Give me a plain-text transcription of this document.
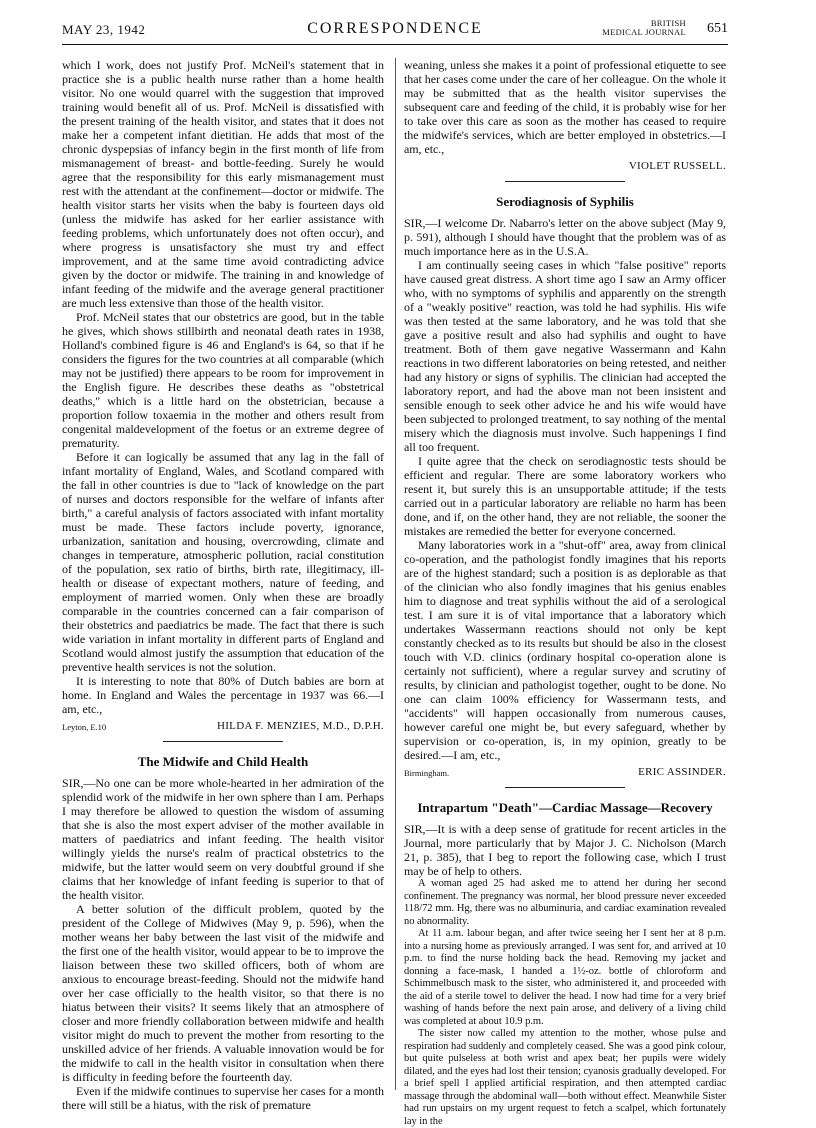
MAY 23, 1942	CORRESPONDENCE	BRITISH
MEDICAL JOURNAL 651

which I work, does not justify Prof. McNeil's statement that in practice she is a public health nurse rather than a home health visitor. No one would quarrel with the suggestion that improved training would benefit all of us. Prof. McNeil is dissatisfied with the present training of the health visitor, and states that it does not make her a competent infant dietitian. He adds that most of the chronic dyspepsias of infancy begin in the first month of life from mismanagement of breast- and bottle-feeding. Surely he would agree that the responsibility for this early mismanagement must rest with the attendant at the confinement—doctor or midwife. The health visitor starts her visits when the baby is fourteen days old (unless the midwife has asked for her earlier assistance with feeding problems, which unfortunately does not often occur), and where progress is unsatisfactory she must try and effect improvement, and at the same time avoid contradicting advice given by the doctor or midwife. The training in and knowledge of infant feeding of the midwife and the average general practitioner are much less extensive than those of the health visitor.

Prof. McNeil states that our obstetrics are good, but in the table he gives, which shows stillbirth and neonatal death rates in 1938, Holland's combined figure is 46 and England's is 64, so that if he considers the figures for the two countries at all comparable (which may not be justified) there appears to be room for improvement in the English figure. He describes these deaths as "obstetrical deaths," which is a little hard on the obstetrician, because a proportion follow toxaemia in the mother and others result from congenital maldevelopment of the foetus or an extreme degree of prematurity.

Before it can logically be assumed that any lag in the fall of infant mortality of England, Wales, and Scotland compared with the fall in other countries is due to "lack of knowledge on the part of nurses and doctors responsible for the welfare of infants after birth," a careful analysis of factors associated with infant mortality must be made. These factors include poverty, ignorance, urbanization, sanitation and housing, overcrowding, climate and changes in temperature, atmospheric pollution, racial constitution of the population, sex ratio of births, birth rate, illegitimacy, ill-health or disease of expectant mothers, nature of feeding, and employment of married women. Only when these are broadly comparable in the countries concerned can a fair comparison of their obstetrics and paediatrics be made. The fact that there is such wide variation in infant mortality in different parts of England and Scotland would almost justify the assumption that education of the preventive health services is not the solution.

It is interesting to note that 80% of Dutch babies are born at home. In England and Wales the percentage in 1937 was 66.—I am, etc.,

Leyton, E.10	HILDA F. MENZIES, M.D., D.P.H.
The Midwife and Child Health

SIR,—No one can be more whole-hearted in her admiration of the splendid work of the midwife in her own sphere than I am. Perhaps I may therefore be allowed to question the wisdom of assuming that she is also the most expert adviser of the mother available in matters of paediatrics and infant feeding. The health visitor willingly yields the nurse's realm of practical obstetrics to the midwife, but the latter would seem on very doubtful ground if she claims that her knowledge of infant feeding is superior to that of the health visitor.

A better solution of the difficult problem, quoted by the president of the College of Midwives (May 9, p. 596), when the mother weans her baby between the last visit of the midwife and the first one of the health visitor, would appear to be to improve the liaison between these two skilled officers, both of whom are anxious to encourage breast-feeding. Should not the midwife hand over her case officially to the health visitor, so that there is no hiatus between their visits? It seems likely that an atmosphere of closer and more friendly collaboration between midwife and health visitor might do much to prevent the mother from resorting to the unskilled advice of her friends. A valuable innovation would be for the midwife to call in the health visitor in consultation when there is difficulty in feeding before the fourteenth day.

Even if the midwife continues to supervise her cases for a month there will still be a hiatus, with the risk of premature

weaning, unless she makes it a point of professional etiquette to see that her cases come under the care of her colleague. On the whole it may be submitted that as the health visitor supervises the subsequent care and feeding of the child, it is probably wise for her to take over this care as soon as the mother has ceased to require the midwife's services, which are better employed in obstetrics.—I am, etc.,

VIOLET RUSSELL.
Serodiagnosis of Syphilis

SIR,—I welcome Dr. Nabarro's letter on the above subject (May 9, p. 591), although I should have thought that the problem was of as much importance here as in the U.S.A.

I am continually seeing cases in which "false positive" reports have caused great distress. A short time ago I saw an Army officer who, with no symptoms of syphilis and apparently on the strength of a "weakly positive" reaction, was told he had syphilis. His wife was then tested at the same laboratory, and he was told that she gave a positive result and also had syphilis and ought to have treatment. Both of them gave negative Wassermann and Kahn reactions in two different laboratories on being retested, and neither had any history or signs of syphilis. The clinician had accepted the laboratory report, and had the above man not been insistent and sensible enough to seek other advice he and his wife would have been subjected to prolonged treatment, to say nothing of the mental misery which the diagnosis must involve. Such happenings I find all too frequent.

I quite agree that the check on serodiagnostic tests should be efficient and regular. There are some laboratory workers who resent it, but surely this is an unsupportable attitude; if the tests carried out in a particular laboratory are reliable no harm has been done, and if, on the other hand, they are not reliable, the sooner the mistakes are remedied the better for everyone concerned.

Many laboratories work in a "shut-off" area, away from clinical co-operation, and the pathologist fondly imagines that his reports are of the highest standard; such a position is as deplorable as that of the clinician who also fondly imagines that his genius enables him to diagnose and treat syphilis without the aid of a serological test. I am sure it is of vital importance that a laboratory which undertakes Wassermann reactions should not only be kept constantly checked as to its results but should be also in the closest touch with V.D. clinics (ordinary hospital co-operation alone is certainly not sufficient), where a regular survey and scrutiny of results, by clinician and pathologist together, ought to be done. No one can claim 100% efficiency for Wassermann tests, and "accidents" will happen occasionally from numerous causes, however careful one might be, but every safeguard, whether by supervision or co-operation, is, in my opinion, greatly to be desired.—I am, etc.,

Birmingham.	ERIC ASSINDER.
Intrapartum "Death"—Cardiac Massage—Recovery

SIR,—It is with a deep sense of gratitude for recent articles in the Journal, more particularly that by Major J. C. Nicholson (March 21, p. 385), that I beg to report the following case, which I trust may be of help to others.

A woman aged 25 had asked me to attend her during her second confinement. The pregnancy was normal, her blood pressure never exceeded 118/72 mm. Hg, there was no albuminuria, and cardiac examination revealed no abnormality.

At 11 a.m. labour began, and after twice seeing her I sent her at 8 p.m. into a nursing home as previously arranged. I was sent for, and arrived at 10 p.m. to find the nurse holding back the head. Removing my jacket and donning a face-mask, I handed a 1½-oz. bottle of chloroform and Schimmelbusch mask to the sister, who administered it, and proceeded with the aid of a sterile towel to deliver the head. I now had time for a very brief washing of hands before the next pain arose, and delivery of a living child was completed at about 10.9 p.m.

The sister now called my attention to the mother, whose pulse and respiration had suddenly and completely ceased. She was a good pink colour, but quite pulseless at both wrist and apex beat; her pupils were widely dilated, and the eyes had lost their tension; cyanosis gradually developed. For a brief spell I applied artificial respiration, and then attempted cardiac massage through the abdominal wall—both without effect. Meanwhile Sister had run upstairs on my urgent request to fetch a scalpel, which fortunately lay in the
